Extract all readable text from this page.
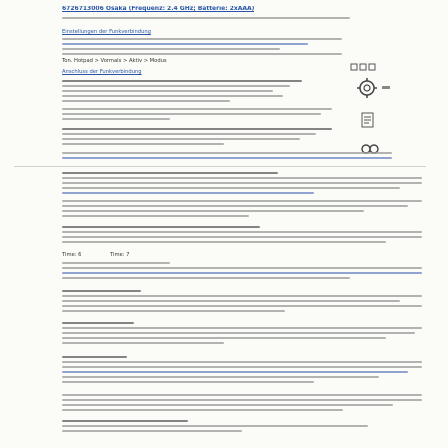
6726713006 Osaka (Frequenz: 2.4 GHz; Batterie: 2xAAA)
Einstellungen der Funkverbindung
Ton. Hotpad > Vormals > Aktiv > Modus
Anschluss der Funkverbindung
Time: 6	Time: 7
